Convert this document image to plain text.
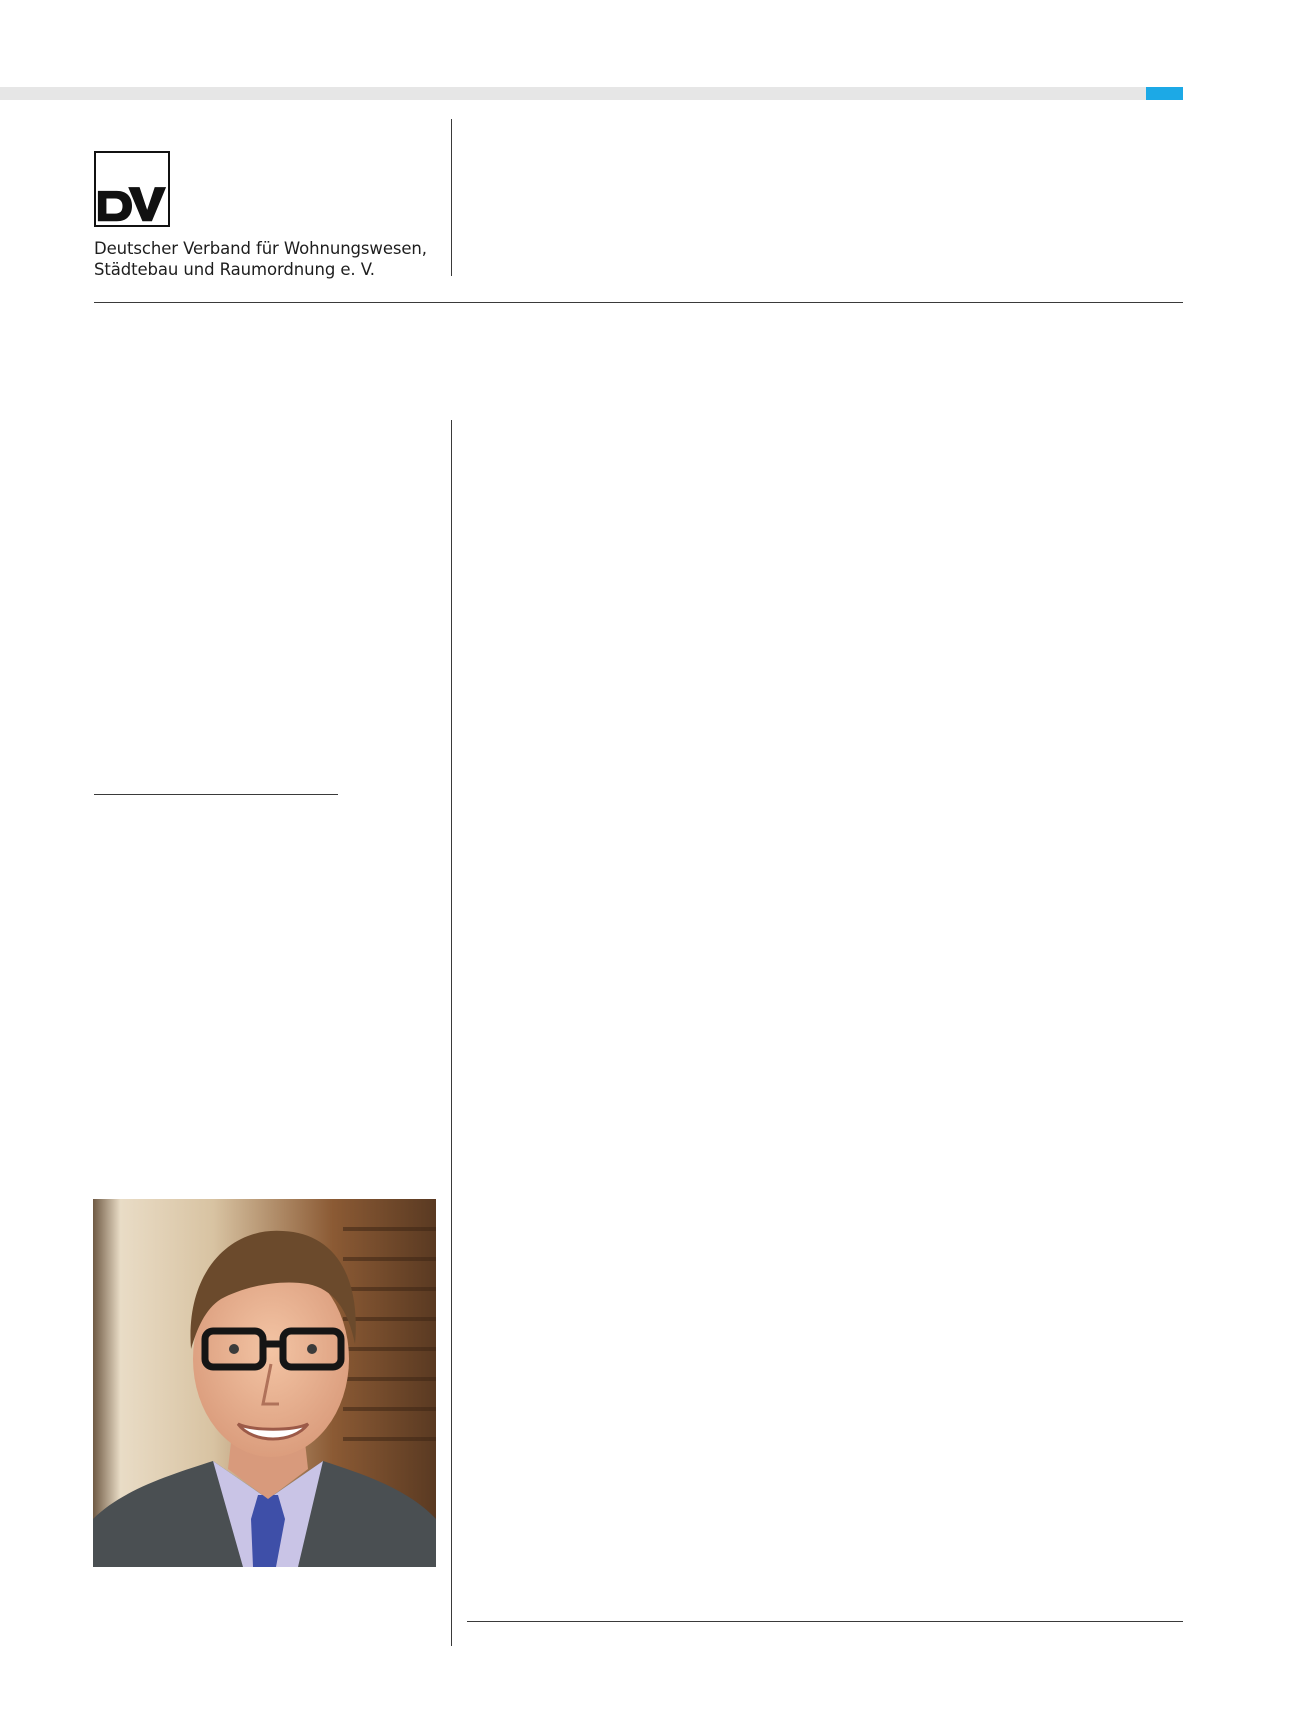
Deutscher Verband für Wohnungswesen,
Städtebau und Raumordnung e. V.
